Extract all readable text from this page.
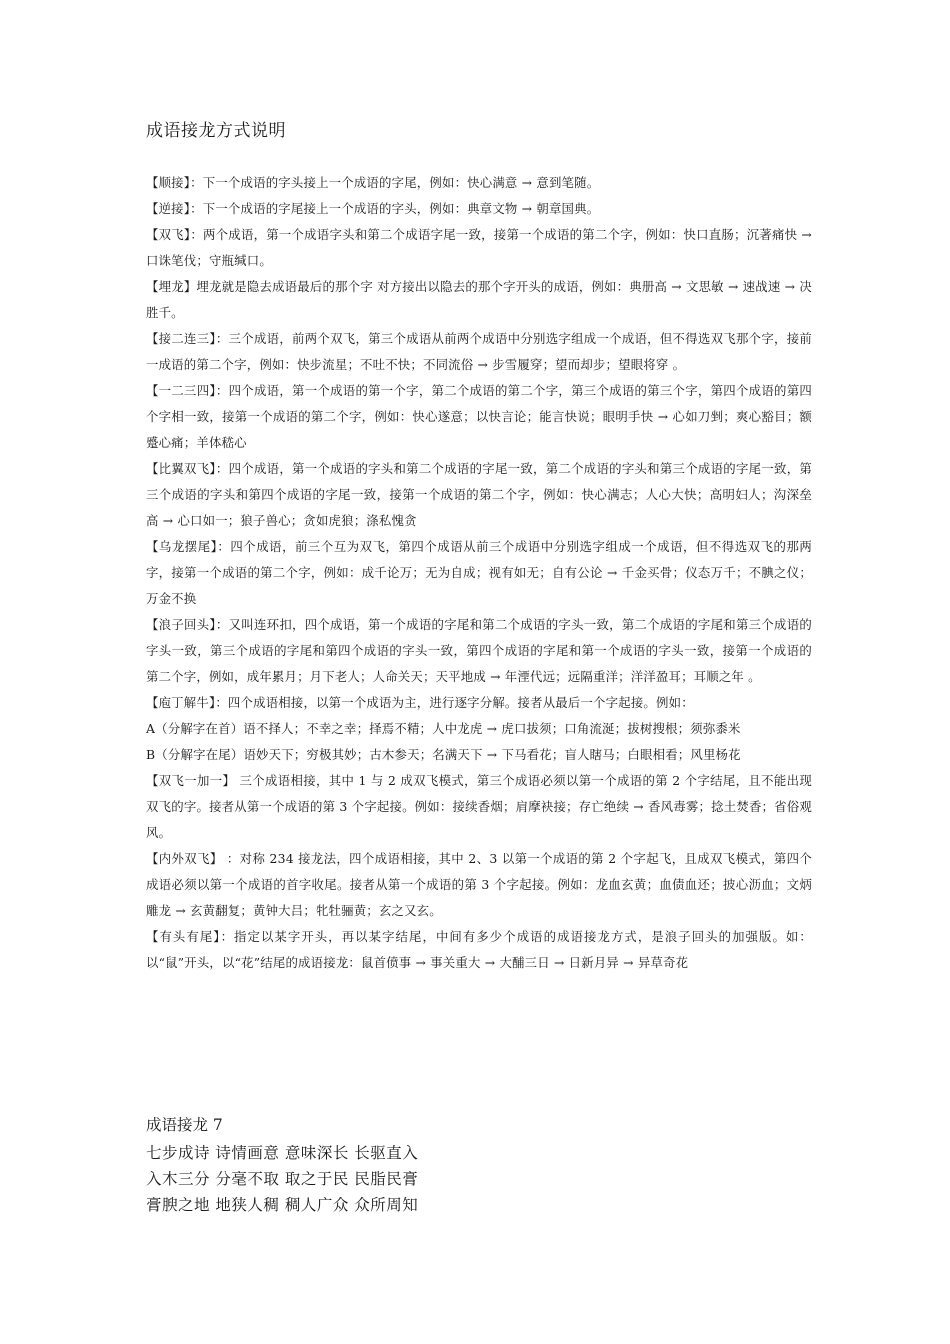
成语接龙方式说明

【顺接】：下一个成语的字头接上一个成语的字尾，例如：快心满意 → 意到笔随。

【逆接】：下一个成语的字尾接上一个成语的字头，例如：典章文物 → 朝章国典。

【双飞】：两个成语，第一个成语字头和第二个成语字尾一致，接第一个成语的第二个字，例如：快口直肠；沉著痛快 → 口诛笔伐；守瓶缄口。

【埋龙】埋龙就是隐去成语最后的那个字 对方接出以隐去的那个字开头的成语，例如：典册高 → 文思敏 → 速战速 → 决胜千。

【接二连三】：三个成语，前两个双飞，第三个成语从前两个成语中分别选字组成一个成语，但不得选双飞那个字，接前一成语的第二个字，例如：快步流星；不吐不快；不同流俗 → 步雪履穿；望而却步；望眼将穿 。

【一二三四】：四个成语，第一个成语的第一个字，第二个成语的第二个字，第三个成语的第三个字，第四个成语的第四个字相一致，接第一个成语的第二个字，例如：快心遂意；以快言论；能言快说；眼明手快 → 心如刀剉；爽心豁目；额蹙心痛；羊体嵇心

【比翼双飞】：四个成语，第一个成语的字头和第二个成语的字尾一致，第二个成语的字头和第三个成语的字尾一致，第三个成语的字头和第四个成语的字尾一致，接第一个成语的第二个字，例如：快心满志；人心大快；高明妇人；沟深垒高 → 心口如一；狼子兽心；贪如虎狼；涤私愧贪

【乌龙摆尾】：四个成语，前三个互为双飞，第四个成语从前三个成语中分别选字组成一个成语，但不得选双飞的那两字，接第一个成语的第二个字，例如：成千论万；无为自成；视有如无；自有公论 → 千金买骨；仪态万千；不腆之仪；万金不换

【浪子回头】：又叫连环扣，四个成语，第一个成语的字尾和第二个成语的字头一致，第二个成语的字尾和第三个成语的字头一致，第三个成语的字尾和第四个成语的字头一致，第四个成语的字尾和第一个成语的字头一致，接第一个成语的第二个字，例如，成年累月；月下老人；人命关天；天平地成 → 年湮代远；远隔重洋；洋洋盈耳；耳顺之年 。

【庖丁解牛】：四个成语相接，以第一个成语为主，进行逐字分解。接者从最后一个字起接。例如：

A（分解字在首）语不择人；不幸之幸；择焉不精；人中龙虎 → 虎口拔须；口角流涎；拔树搜根；须弥黍米

B（分解字在尾）语妙天下；穷极其妙；古木参天；名满天下 → 下马看花；盲人瞎马；白眼相看；风里杨花

【双飞一加一】 三个成语相接，其中 1 与 2 成双飞模式，第三个成语必须以第一个成语的第 2 个字结尾，且不能出现双飞的字。接者从第一个成语的第 3 个字起接。例如：接续香烟；肩摩袂接；存亡绝续 → 香风毒雾；捻土焚香；省俗观风。

【内外双飞】 ：对称 234 接龙法，四个成语相接，其中 2、3 以第一个成语的第 2 个字起飞，且成双飞模式，第四个成语必须以第一个成语的首字收尾。接者从第一个成语的第 3 个字起接。例如：龙血玄黄；血债血还；披心沥血；文炳雕龙 → 玄黄翻复；黄钟大吕；牝牡骊黄；玄之又玄。

【有头有尾】：指定以某字开头，再以某字结尾，中间有多少个成语的成语接龙方式，是浪子回头的加强版。如：以“鼠”开头，以“花”结尾的成语接龙：鼠首偾事 → 事关重大 → 大酺三日 → 日新月异 → 异草奇花

成语接龙 7

七步成诗 诗情画意 意味深长 长驱直入

入木三分 分毫不取 取之于民 民脂民膏

膏腴之地 地狭人稠 稠人广众 众所周知
